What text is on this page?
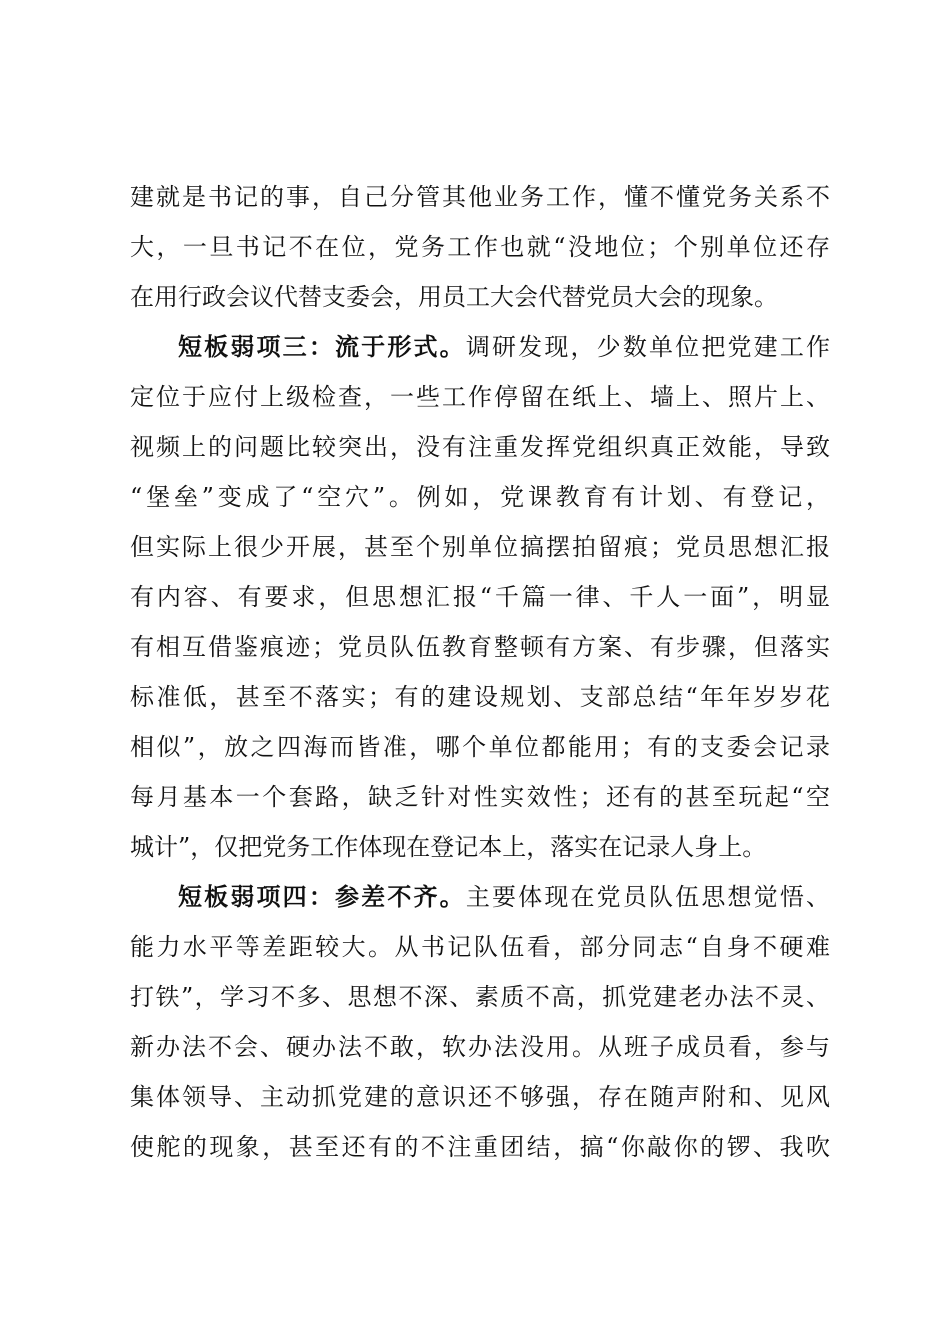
建就是书记的事，自己分管其他业务工作，懂不懂党务关系不
大，一旦书记不在位，党务工作也就“没地位；个别单位还存
在用行政会议代替支委会，用员工大会代替党员大会的现象。
短板弱项三：流于形式。调研发现，少数单位把党建工作
定位于应付上级检查，一些工作停留在纸上、墙上、照片上、
视频上的问题比较突出，没有注重发挥党组织真正效能，导致
“堡垒”变成了“空穴”。例如，党课教育有计划、有登记，
但实际上很少开展，甚至个别单位搞摆拍留痕；党员思想汇报
有内容、有要求，但思想汇报“千篇一律、千人一面”，明显
有相互借鉴痕迹；党员队伍教育整顿有方案、有步骤，但落实
标准低，甚至不落实；有的建设规划、支部总结“年年岁岁花
相似”，放之四海而皆准，哪个单位都能用；有的支委会记录
每月基本一个套路，缺乏针对性实效性；还有的甚至玩起“空
城计”，仅把党务工作体现在登记本上，落实在记录人身上。
短板弱项四：参差不齐。主要体现在党员队伍思想觉悟、
能力水平等差距较大。从书记队伍看，部分同志“自身不硬难
打铁”，学习不多、思想不深、素质不高，抓党建老办法不灵、
新办法不会、硬办法不敢，软办法没用。从班子成员看，参与
集体领导、主动抓党建的意识还不够强，存在随声附和、见风
使舵的现象，甚至还有的不注重团结，搞“你敲你的锣、我吹
